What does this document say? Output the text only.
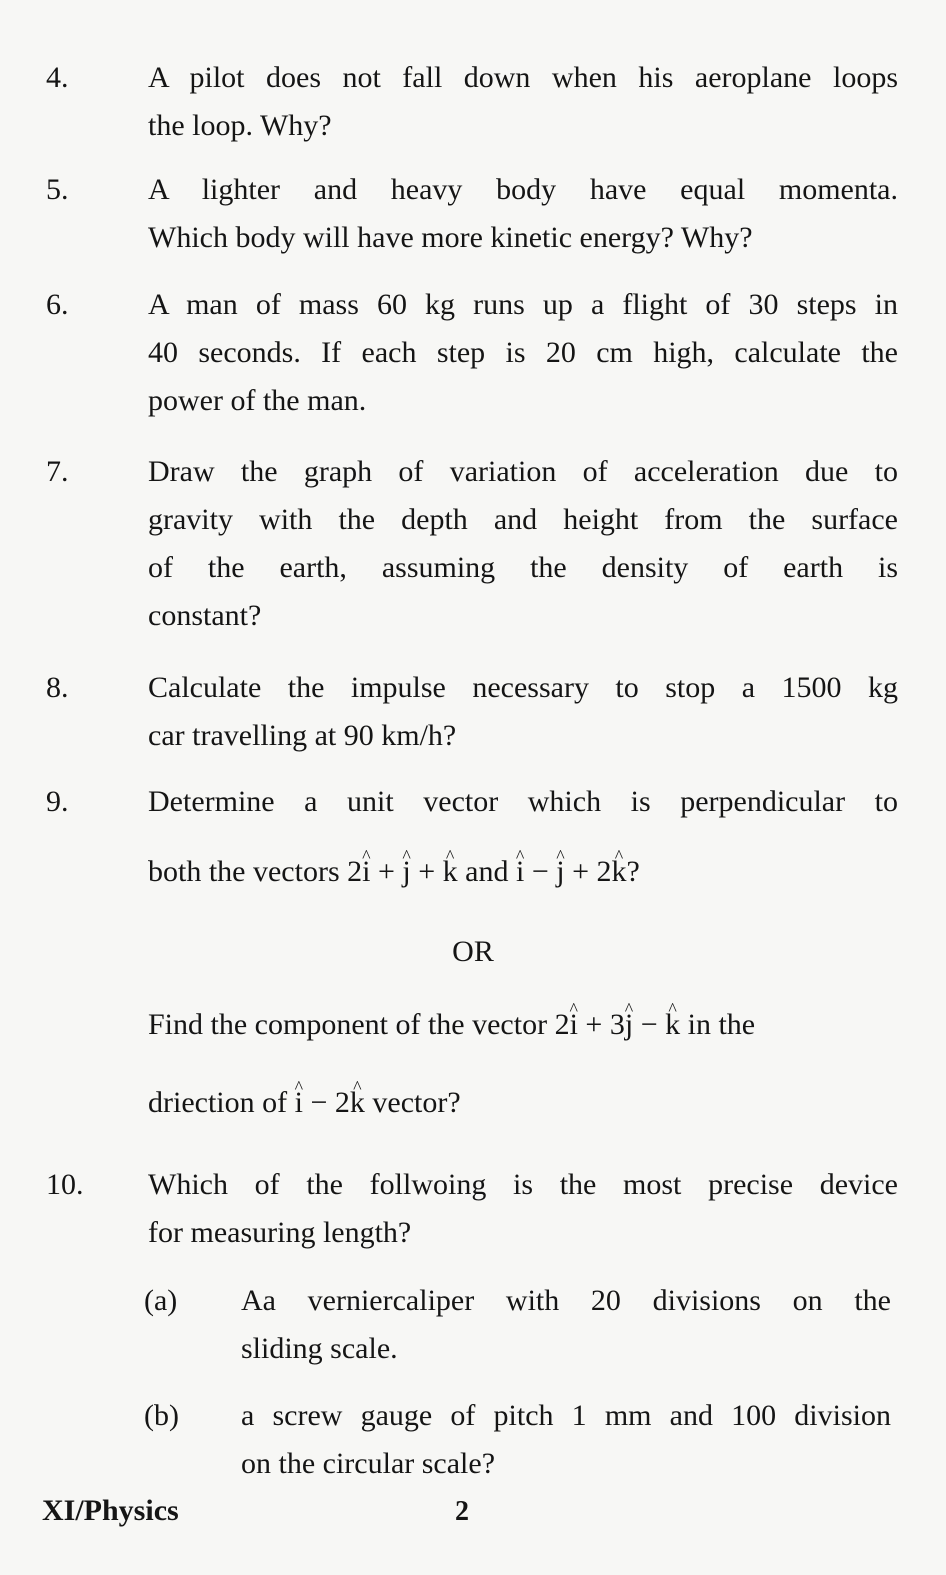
4.	A pilot does not fall down when his aeroplane loops
the loop. Why?
5.	A lighter and heavy body have equal momenta.
Which body will have more kinetic energy? Why?
6.	A man of mass 60 kg runs up a flight of 30 steps in
40 seconds. If each step is 20 cm high, calculate the
power of the man.
7.	Draw the graph of variation of acceleration due to
gravity with the depth and height from the surface
of the earth, assuming the density of earth is
constant?
8.	Calculate the impulse necessary to stop a 1500 kg
car travelling at 90 km/h?
9.	Determine a unit vector which is perpendicular to
both the vectors 2^ i + ^ j + ^ k and ^ i − ^ j + 2^ k?
OR
Find the component of the vector 2^ i + 3^ j − ^ k in the
driection of ^ i − 2^ k vector?
10. Which of the follwoing is the most precise device
for measuring length?
(a) Aa verniercaliper with 20 divisions on the
sliding scale.
(b) a screw gauge of pitch 1 mm and 100 division
on the circular scale?
XI/Physics	2
